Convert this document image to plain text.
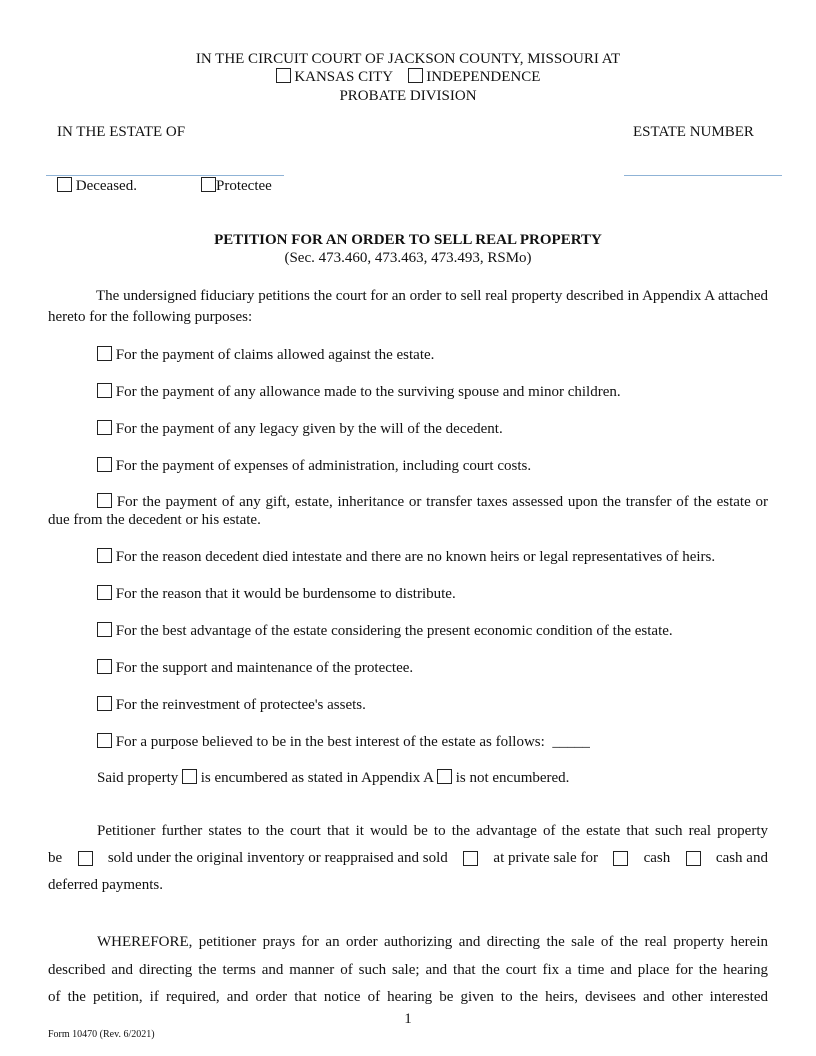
IN THE CIRCUIT COURT OF JACKSON COUNTY, MISSOURI AT
KANSAS CITY INDEPENDENCE
PROBATE DIVISION
IN THE ESTATE OF	ESTATE NUMBER
Deceased.	Protectee
PETITION FOR AN ORDER TO SELL REAL PROPERTY
(Sec. 473.460, 473.463, 473.493, RSMo)
The undersigned fiduciary petitions the court for an order to sell real property described in Appendix A attached hereto for the following purposes:
For the payment of claims allowed against the estate.
For the payment of any allowance made to the surviving spouse and minor children.
For the payment of any legacy given by the will of the decedent.
For the payment of expenses of administration, including court costs.
For the payment of any gift, estate, inheritance or transfer taxes assessed upon the transfer of the estate or due from the decedent or his estate.
For the reason decedent died intestate and there are no known heirs or legal representatives of heirs.
For the reason that it would be burdensome to distribute.
For the best advantage of the estate considering the present economic condition of the estate.
For the support and maintenance of the protectee.
For the reinvestment of protectee's assets.
For a purpose believed to be in the best interest of the estate as follows: _____
Said property is encumbered as stated in Appendix A is not encumbered.
Petitioner further states to the court that it would be to the advantage of the estate that such real property
be	sold under the original inventory or reappraised and sold	at private sale for	cash	cash and
deferred payments.
WHEREFORE, petitioner prays for an order authorizing and directing the sale of the real property herein
described and directing the terms and manner of such sale; and that the court fix a time and place for the hearing
of the petition, if required, and order that notice of hearing be given to the heirs, devisees and other interested
1
Form 10470 (Rev. 6/2021)
